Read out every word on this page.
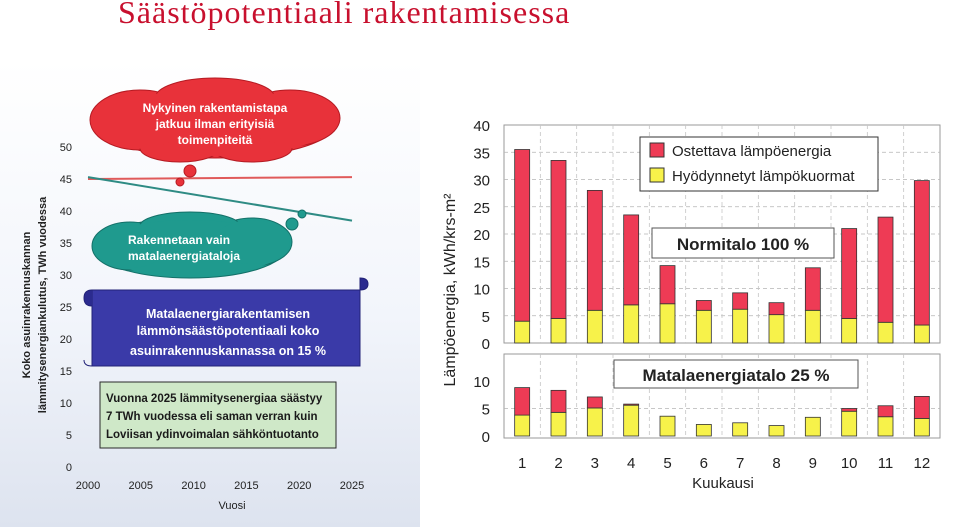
Säästöpotentiaali rakentamisessa
Vuosi
Koko asuinrakennuskannan lämmitysenergiankulutus, TWh vuodessa
0
5
10
15
20
25
30
35
40
45
50
2000	2005	2010	2015	2020	2025
Nykyinen rakentamistapa
jatkuu ilman erityisiä
toimenpiteitä
Rakennetaan vain
matalaenergiataloja
Matalaenergiarakentamisen
lämmönsäästöpotentiaali koko
asuinrakennuskannassa on 15 %
Vuonna 2025 lämmitysenergiaa säästyy
7 TWh vuodessa eli saman verran kuin
Loviisan ydinvoimalan sähköntuotanto
Lämpöenergia, kWh/krs-m² 0
5
10
15
20
25
30
35
40
0
5
10
1 2 3 4 5 6 7 8 9 10 11 12
Ostettava lämpöenergia
Hyödynnetyt lämpökuormat
Normitalo 100 %
Matalaenergiatalo 25 %
Kuukausi
